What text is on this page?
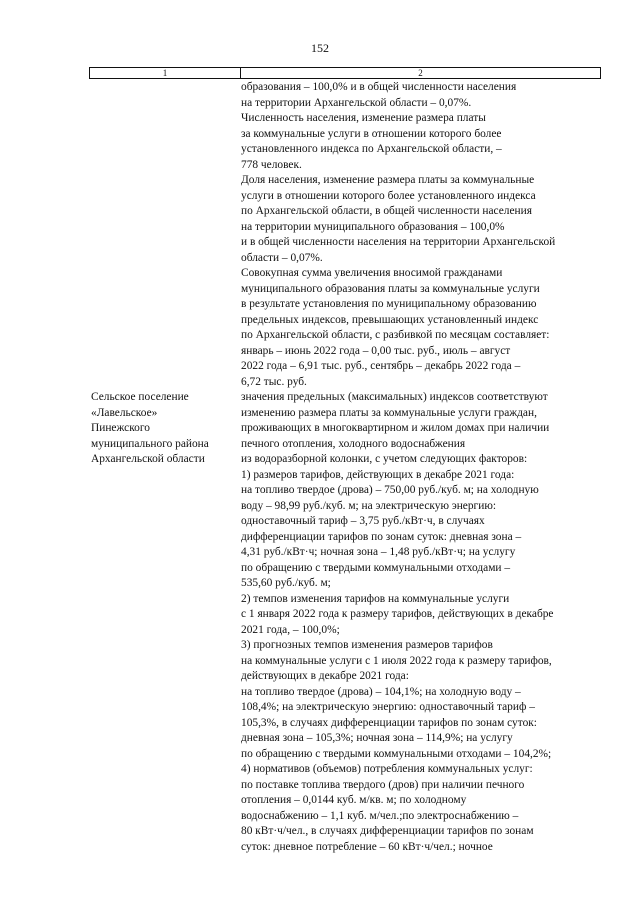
152
1	2
образования – 100,0% и в общей численности населения
на территории Архангельской области – 0,07%.
Численность населения, изменение размера платы
за коммунальные услуги в отношении которого более
установленного индекса по Архангельской области, –
778 человек.
Доля населения, изменение размера платы за коммунальные
услуги в отношении которого более установленного индекса
по Архангельской области, в общей численности населения
на территории муниципального образования – 100,0%
и в общей численности населения на территории Архангельской
области – 0,07%.
Совокупная сумма увеличения вносимой гражданами
муниципального образования платы за коммунальные услуги
в результате установления по муниципальному образованию
предельных индексов, превышающих установленный индекс
по Архангельской области, с разбивкой по месяцам составляет:
январь – июнь 2022 года – 0,00 тыс. руб., июль – август
2022 года – 6,91 тыс. руб., сентябрь – декабрь 2022 года –
6,72 тыс. руб.
Сельское поселение
«Лавельское»
Пинежского
муниципального района
Архангельской области
значения предельных (максимальных) индексов соответствуют
изменению размера платы за коммунальные услуги граждан,
проживающих в многоквартирном и жилом домах при наличии
печного отопления, холодного водоснабжения
из водоразборной колонки, с учетом следующих факторов:
1) размеров тарифов, действующих в декабре 2021 года:
на топливо твердое (дрова) – 750,00 руб./куб. м; на холодную
воду – 98,99 руб./куб. м; на электрическую энергию:
одноставочный тариф – 3,75 руб./кВт·ч, в случаях
дифференциации тарифов по зонам суток: дневная зона –
4,31 руб./кВт·ч; ночная зона – 1,48 руб./кВт·ч; на услугу
по обращению с твердыми коммунальными отходами –
535,60 руб./куб. м;
2) темпов изменения тарифов на коммунальные услуги
с 1 января 2022 года к размеру тарифов, действующих в декабре
2021 года, – 100,0%;
3) прогнозных темпов изменения размеров тарифов
на коммунальные услуги с 1 июля 2022 года к размеру тарифов,
действующих в декабре 2021 года:
на топливо твердое (дрова) – 104,1%; на холодную воду –
108,4%; на электрическую энергию: одноставочный тариф –
105,3%, в случаях дифференциации тарифов по зонам суток:
дневная зона – 105,3%; ночная зона – 114,9%; на услугу
по обращению с твердыми коммунальными отходами – 104,2%;
4) нормативов (объемов) потребления коммунальных услуг:
по поставке топлива твердого (дров) при наличии печного
отопления – 0,0144 куб. м/кв. м; по холодному
водоснабжению – 1,1 куб. м/чел.;по электроснабжению –
80 кВт·ч/чел., в случаях дифференциации тарифов по зонам
суток: дневное потребление – 60 кВт·ч/чел.; ночное
